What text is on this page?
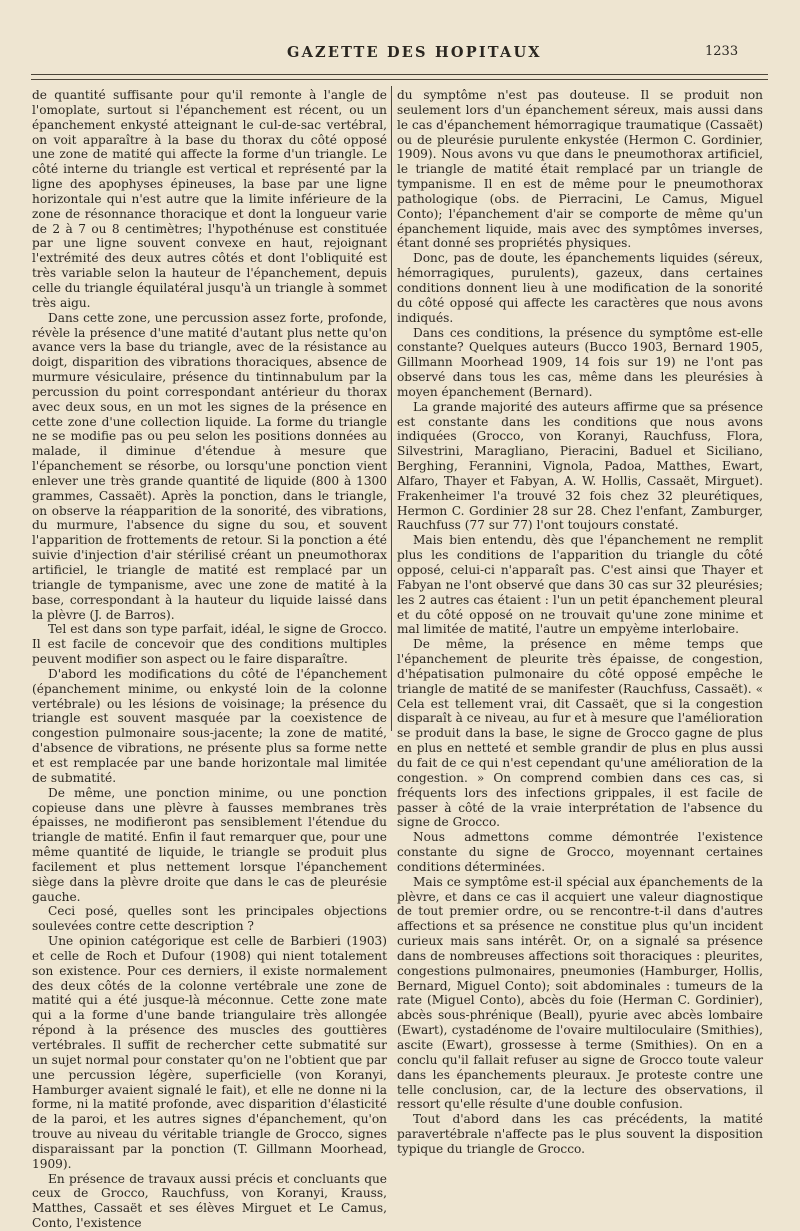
GAZETTE DES HOPITAUX	1233

de quantité suffisante pour qu'il remonte à l'angle de l'omoplate, surtout si l'épanchement est récent, ou un épanchement enkysté atteignant le cul-de-sac vertébral, on voit apparaître à la base du thorax du côté opposé une zone de matité qui affecte la forme d'un triangle. Le côté interne du triangle est vertical et représenté par la ligne des apophyses épineuses, la base par une ligne horizontale qui n'est autre que la limite inférieure de la zone de résonnance thoracique et dont la longueur varie de 2 à 7 ou 8 centimètres; l'hypothénuse est constituée par une ligne souvent convexe en haut, rejoignant l'extrémité des deux autres côtés et dont l'obliquité est très variable selon la hauteur de l'épanchement, depuis celle du triangle équilatéral jusqu'à un triangle à sommet très aigu.

Dans cette zone, une percussion assez forte, profonde, révèle la présence d'une matité d'autant plus nette qu'on avance vers la base du triangle, avec de la résistance au doigt, disparition des vibrations thoraciques, absence de murmure vésiculaire, présence du tintinnabulum par la percussion du point correspondant antérieur du thorax avec deux sous, en un mot les signes de la présence en cette zone d'une collection liquide. La forme du triangle ne se modifie pas ou peu selon les positions données au malade, il diminue d'étendue à mesure que l'épanchement se résorbe, ou lorsqu'une ponction vient enlever une très grande quantité de liquide (800 à 1300 grammes, Cassaët). Après la ponction, dans le triangle, on observe la réapparition de la sonorité, des vibrations, du murmure, l'absence du signe du sou, et souvent l'apparition de frottements de retour. Si la ponction a été suivie d'injection d'air stérilisé créant un pneumothorax artificiel, le triangle de matité est remplacé par un triangle de tympanisme, avec une zone de matité à la base, correspondant à la hauteur du liquide laissé dans la plèvre (J. de Barros).

Tel est dans son type parfait, idéal, le signe de Grocco. Il est facile de concevoir que des conditions multiples peuvent modifier son aspect ou le faire disparaître.

D'abord les modifications du côté de l'épanchement (épanchement minime, ou enkysté loin de la colonne vertébrale) ou les lésions de voisinage; la présence du triangle est souvent masquée par la coexistence de congestion pulmonaire sous-jacente; la zone de matité, d'absence de vibrations, ne présente plus sa forme nette et est remplacée par une bande horizontale mal limitée de submatité.

De même, une ponction minime, ou une ponction copieuse dans une plèvre à fausses membranes très épaisses, ne modifieront pas sensiblement l'étendue du triangle de matité. Enfin il faut remarquer que, pour une même quantité de liquide, le triangle se produit plus facilement et plus nettement lorsque l'épanchement siège dans la plèvre droite que dans le cas de pleurésie gauche.

Ceci posé, quelles sont les principales objections soulevées contre cette description ?

Une opinion catégorique est celle de Barbieri (1903) et celle de Roch et Dufour (1908) qui nient totalement son existence. Pour ces derniers, il existe normalement des deux côtés de la colonne vertébrale une zone de matité qui a été jusque-là méconnue. Cette zone mate qui a la forme d'une bande triangulaire très allongée répond à la présence des muscles des gouttières vertébrales. Il suffit de rechercher cette submatité sur un sujet normal pour constater qu'on ne l'obtient que par une percussion légère, superficielle (von Koranyi, Hamburger avaient signalé le fait), et elle ne donne ni la forme, ni la matité profonde, avec disparition d'élasticité de la paroi, et les autres signes d'épanchement, qu'on trouve au niveau du véritable triangle de Grocco, signes disparaissant par la ponction (T. Gillmann Moorhead, 1909).

En présence de travaux aussi précis et concluants que ceux de Grocco, Rauchfuss, von Koranyi, Krauss, Matthes, Cassaët et ses élèves Mirguet et Le Camus, Conto, l'existence

du symptôme n'est pas douteuse. Il se produit non seulement lors d'un épanchement séreux, mais aussi dans le cas d'épanchement hémorragique traumatique (Cassaët) ou de pleurésie purulente enkystée (Hermon C. Gordinier, 1909). Nous avons vu que dans le pneumothorax artificiel, le triangle de matité était remplacé par un triangle de tympanisme. Il en est de même pour le pneumothorax pathologique (obs. de Pierracini, Le Camus, Miguel Conto); l'épanchement d'air se comporte de même qu'un épanchement liquide, mais avec des symptômes inverses, étant donné ses propriétés physiques.

Donc, pas de doute, les épanchements liquides (séreux, hémorragiques, purulents), gazeux, dans certaines conditions donnent lieu à une modification de la sonorité du côté opposé qui affecte les caractères que nous avons indiqués.

Dans ces conditions, la présence du symptôme est-elle constante? Quelques auteurs (Bucco 1903, Bernard 1905, Gillmann Moorhead 1909, 14 fois sur 19) ne l'ont pas observé dans tous les cas, même dans les pleurésies à moyen épanchement (Bernard).

La grande majorité des auteurs affirme que sa présence est constante dans les conditions que nous avons indiquées (Grocco, von Koranyi, Rauchfuss, Flora, Silvestrini, Maragliano, Pieracini, Baduel et Siciliano, Berghing, Ferannini, Vignola, Padoa, Matthes, Ewart, Alfaro, Thayer et Fabyan, A. W. Hollis, Cassaët, Mirguet). Frakenheimer l'a trouvé 32 fois chez 32 pleurétiques, Hermon C. Gordinier 28 sur 28. Chez l'enfant, Zamburger, Rauchfuss (77 sur 77) l'ont toujours constaté.

Mais bien entendu, dès que l'épanchement ne remplit plus les conditions de l'apparition du triangle du côté opposé, celui-ci n'apparaît pas. C'est ainsi que Thayer et Fabyan ne l'ont observé que dans 30 cas sur 32 pleurésies; les 2 autres cas étaient : l'un un petit épanchement pleural et du côté opposé on ne trouvait qu'une zone minime et mal limitée de matité, l'autre un empyème interlobaire.

De même, la présence en même temps que l'épanchement de pleurite très épaisse, de congestion, d'hépatisation pulmonaire du côté opposé empêche le triangle de matité de se manifester (Rauchfuss, Cassaët). « Cela est tellement vrai, dit Cassaët, que si la congestion disparaît à ce niveau, au fur et à mesure que l'amélioration se produit dans la base, le signe de Grocco gagne de plus en plus en netteté et semble grandir de plus en plus aussi du fait de ce qui n'est cependant qu'une amélioration de la congestion. » On comprend combien dans ces cas, si fréquents lors des infections grippales, il est facile de passer à côté de la vraie interprétation de l'absence du signe de Grocco.

Nous admettons comme démontrée l'existence constante du signe de Grocco, moyennant certaines conditions déterminées.

Mais ce symptôme est-il spécial aux épanchements de la plèvre, et dans ce cas il acquiert une valeur diagnostique de tout premier ordre, ou se rencontre-t-il dans d'autres affections et sa présence ne constitue plus qu'un incident curieux mais sans intérêt. Or, on a signalé sa présence dans de nombreuses affections soit thoraciques : pleurites, congestions pulmonaires, pneumonies (Hamburger, Hollis, Bernard, Miguel Conto); soit abdominales : tumeurs de la rate (Miguel Conto), abcès du foie (Herman C. Gordinier), abcès sous-phrénique (Beall), pyurie avec abcès lombaire (Ewart), cystadénome de l'ovaire multiloculaire (Smithies), ascite (Ewart), grossesse à terme (Smithies). On en a conclu qu'il fallait refuser au signe de Grocco toute valeur dans les épanchements pleuraux. Je proteste contre une telle conclusion, car, de la lecture des observations, il ressort qu'elle résulte d'une double confusion.

Tout d'abord dans les cas précédents, la matité paravertébrale n'affecte pas le plus souvent la disposition typique du triangle de Grocco.
